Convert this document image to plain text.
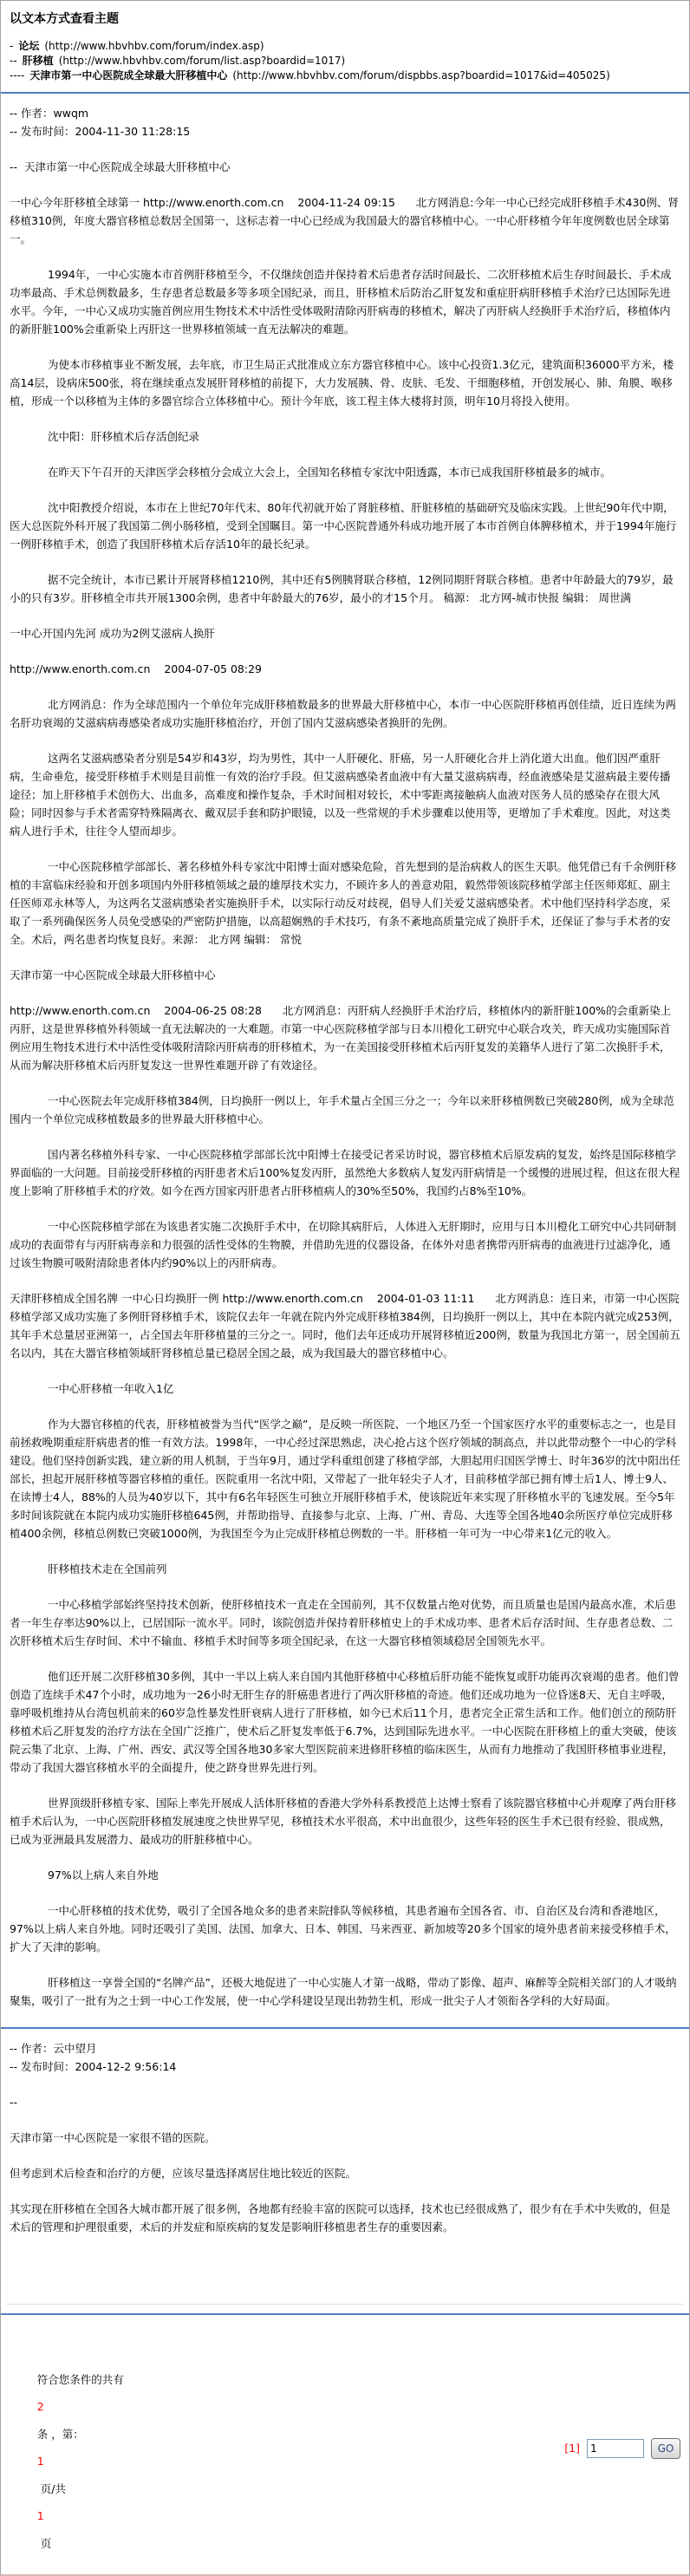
以文本方式查看主题
- 论坛 (http://www.hbvhbv.com/forum/index.asp)
-- 肝移植 (http://www.hbvhbv.com/forum/list.asp?boardid=1017)
---- 天津市第一中心医院成全球最大肝移植中心 (http://www.hbvhbv.com/forum/dispbbs.asp?boardid=1017&id=405025)
-- 作者：wwqm
-- 发布时间：2004-11-30 11:28:15

--  天津市第一中心医院成全球最大肝移植中心

一中心今年肝移植全球第一 http://www.enorth.com.cn    2004-11-24 09:15      北方网消息:今年一中心已经完成肝移植手术430例、肾移植310例，年度大器官移植总数居全国第一，这标志着一中心已经成为我国最大的器官移植中心。一中心肝移植今年年度例数也居全球第一。

1994年，一中心实施本市首例肝移植至今，不仅继续创造并保持着术后患者存活时间最长、二次肝移植术后生存时间最长、手术成功率最高、手术总例数最多，生存患者总数最多等多项全国纪录，而且，肝移植术后防治乙肝复发和重症肝病肝移植手术治疗已达国际先进水平。今年，一中心又成功实施首例应用生物技术术中活性受体吸附清除丙肝病毒的移植术，解决了丙肝病人经换肝手术治疗后，移植体内的新肝脏100%会重新染上丙肝这一世界移植领域一直无法解决的难题。

为使本市移植事业不断发展，去年底，市卫生局正式批准成立东方器官移植中心。该中心投资1.3亿元，建筑面积36000平方米，楼高14层，设病床500张，将在继续重点发展肝肾移植的前提下，大力发展胰、骨、皮肤、毛发、干细胞移植，开创发展心、肺、角膜、喉移植，形成一个以移植为主体的多器官综合立体移植中心。预计今年底，该工程主体大楼将封顶，明年10月将投入使用。

沈中阳：肝移植术后存活创纪录

在昨天下午召开的天津医学会移植分会成立大会上，全国知名移植专家沈中阳透露，本市已成我国肝移植最多的城市。

沈中阳教授介绍说，本市在上世纪70年代末、80年代初就开始了肾脏移植、肝脏移植的基础研究及临床实践。上世纪90年代中期，医大总医院外科开展了我国第二例小肠移植，受到全国瞩目。第一中心医院普通外科成功地开展了本市首例自体脾移植术，并于1994年施行一例肝移植手术，创造了我国肝移植术后存活10年的最长纪录。

据不完全统计，本市已累计开展肾移植1210例，其中还有5例胰肾联合移植，12例同期肝肾联合移植。患者中年龄最大的79岁，最小的只有3岁。肝移植全市共开展1300余例，患者中年龄最大的76岁，最小的才15个月。 稿源： 北方网-城市快报 编辑： 周世满

一中心开国内先河 成功为2例艾滋病人换肝

http://www.enorth.com.cn    2004-07-05 08:29

北方网消息：作为全球范围内一个单位年完成肝移植数最多的世界最大肝移植中心，本市一中心医院肝移植再创佳绩，近日连续为两名肝功衰竭的艾滋病病毒感染者成功实施肝移植治疗，开创了国内艾滋病感染者换肝的先例。

这两名艾滋病感染者分别是54岁和43岁，均为男性，其中一人肝硬化、肝癌，另一人肝硬化合并上消化道大出血。他们因严重肝病，生命垂危，接受肝移植手术则是目前惟一有效的治疗手段。但艾滋病感染者血液中有大量艾滋病病毒，经血液感染是艾滋病最主要传播途径；加上肝移植手术创伤大、出血多，高难度和操作复杂，手术时间相对较长，术中零距离接触病人血液对医务人员的感染存在很大风险；同时因参与手术者需穿特殊隔离衣、戴双层手套和防护眼镜，以及一些常规的手术步骤难以使用等，更增加了手术难度。因此，对这类病人进行手术，往往令人望而却步。

一中心医院移植学部部长、著名移植外科专家沈中阳博士面对感染危险，首先想到的是治病救人的医生天职。他凭借已有千余例肝移植的丰富临床经验和开创多项国内外肝移植领域之最的雄厚技术实力，不顾许多人的善意劝阻，毅然带领该院移植学部主任医师郑虹、副主任医师邓永林等人，为这两名艾滋病感染者实施换肝手术，以实际行动反对歧视，倡导人们关爱艾滋病感染者。术中他们坚持科学态度，采取了一系列确保医务人员免受感染的严密防护措施，以高超娴熟的手术技巧，有条不紊地高质量完成了换肝手术，还保证了参与手术者的安全。术后，两名患者均恢复良好。来源： 北方网 编辑： 常悦

天津市第一中心医院成全球最大肝移植中心

http://www.enorth.com.cn    2004-06-25 08:28      北方网消息：丙肝病人经换肝手术治疗后，移植体内的新肝脏100%的会重新染上丙肝，这是世界移植外科领域一直无法解决的一大难题。市第一中心医院移植学部与日本川橙化工研究中心联合攻关，昨天成功实施国际首例应用生物技术进行术中活性受体吸附清除丙肝病毒的肝移植术，为一在美国接受肝移植术后丙肝复发的美籍华人进行了第二次换肝手术，从而为解决肝移植术后丙肝复发这一世界性难题开辟了有效途径。

一中心医院去年完成肝移植384例，日均换肝一例以上，年手术量占全国三分之一；今年以来肝移植例数已突破280例，成为全球范围内一个单位完成移植数最多的世界最大肝移植中心。

国内著名移植外科专家、一中心医院移植学部部长沈中阳博士在接受记者采访时说，器官移植术后原发病的复发，始终是国际移植学界面临的一大问题。目前接受肝移植的丙肝患者术后100%复发丙肝，虽然绝大多数病人复发丙肝病情是一个缓慢的进展过程，但这在很大程度上影响了肝移植手术的疗效。如今在西方国家丙肝患者占肝移植病人的30%至50%，我国约占8%至10%。

一中心医院移植学部在为该患者实施二次换肝手术中，在切除其病肝后，人体进入无肝期时，应用与日本川橙化工研究中心共同研制成功的表面带有与丙肝病毒亲和力很强的活性受体的生物膜，并借助先进的仪器设备，在体外对患者携带丙肝病毒的血液进行过滤净化，通过该生物膜可吸附清除患者体内约90%以上的丙肝病毒。

天津肝移植成全国名牌 一中心日均换肝一例 http://www.enorth.com.cn    2004-01-03 11:11      北方网消息：连日来，市第一中心医院移植学部又成功实施了多例肝肾移植手术，该院仅去年一年就在院内外完成肝移植384例，日均换肝一例以上，其中在本院内就完成253例，其年手术总量居亚洲第一，占全国去年肝移植量的三分之一。同时，他们去年还成功开展肾移植近200例，数量为我国北方第一，居全国前五名以内，其在大器官移植领域肝肾移植总量已稳居全国之最，成为我国最大的器官移植中心。

一中心肝移植一年收入1亿

作为大器官移植的代表，肝移植被誉为当代“医学之巅”，是反映一所医院、一个地区乃至一个国家医疗水平的重要标志之一，也是目前拯救晚期重症肝病患者的惟一有效方法。1998年，一中心经过深思熟虑，决心抢占这个医疗领域的制高点，并以此带动整个一中心的学科建设。他们坚持创新实践，建立新的用人机制，于当年9月，通过学科重组创建了移植学部，大胆起用归国医学博士、时年36岁的沈中阳出任部长，担起开展肝移植等器官移植的重任。医院重用一名沈中阳，又带起了一批年轻尖子人才，目前移植学部已拥有博士后1人、博士9人、在读博士4人，88%的人员为40岁以下，其中有6名年轻医生可独立开展肝移植手术，使该院近年来实现了肝移植水平的飞速发展。至今5年多时间该院就在本院内成功实施肝移植645例，并帮助指导、直接参与北京、上海、广州、青岛、大连等全国各地40余所医疗单位完成肝移植400余例，移植总例数已突破1000例，为我国至今为止完成肝移植总例数的一半。肝移植一年可为一中心带来1亿元的收入。

肝移植技术走在全国前列

一中心移植学部始终坚持技术创新，使肝移植技术一直走在全国前列，其不仅数量占绝对优势，而且质量也是国内最高水准，术后患者一年生存率达90%以上，已居国际一流水平。同时，该院创造并保持着肝移植史上的手术成功率、患者术后存活时间、生存患者总数、二次肝移植术后生存时间、术中不输血、移植手术时间等多项全国纪录，在这一大器官移植领域稳居全国领先水平。

他们还开展二次肝移植30多例，其中一半以上病人来自国内其他肝移植中心移植后肝功能不能恢复或肝功能再次衰竭的患者。他们曾创造了连续手术47个小时，成功地为一26小时无肝生存的肝癌患者进行了两次肝移植的奇迹。他们还成功地为一位昏迷8天、无自主呼吸，靠呼吸机维持从台湾包机前来的60岁急性暴发性肝衰病人进行了肝移植，如今已术后11个月，患者完全正常生活和工作。他们创立的预防肝移植术后乙肝复发的治疗方法在全国广泛推广，使术后乙肝复发率低于6.7%，达到国际先进水平。一中心医院在肝移植上的重大突破，使该院云集了北京、上海、广州、西安、武汉等全国各地30多家大型医院前来进修肝移植的临床医生，从而有力地推动了我国肝移植事业进程，带动了我国大器官移植水平的全面提升，使之跻身世界先进行列。

世界顶级肝移植专家、国际上率先开展成人活体肝移植的香港大学外科系教授范上达博士察看了该院器官移植中心并观摩了两台肝移植手术后认为，一中心医院肝移植发展速度之快世界罕见，移植技术水平很高，术中出血很少，这些年轻的医生手术已很有经验、很成熟，已成为亚洲最具发展潜力、最成功的肝脏移植中心。

97%以上病人来自外地

一中心肝移植的技术优势，吸引了全国各地众多的患者来院排队等候移植，其患者遍布全国各省、市、自治区及台湾和香港地区，97%以上病人来自外地。同时还吸引了美国、法国、加拿大、日本、韩国、马来西亚、新加坡等20多个国家的境外患者前来接受移植手术，扩大了天津的影响。

肝移植这一享誉全国的“名牌产品”，还极大地促进了一中心实施人才第一战略，带动了影像、超声、麻醉等全院相关部门的人才吸纳聚集，吸引了一批有为之士到一中心工作发展，使一中心学科建设呈现出勃勃生机，形成一批尖子人才领衔各学科的大好局面。

-- 作者：云中望月
-- 发布时间：2004-12-2 9:56:14

--

天津市第一中心医院是一家很不错的医院。

但考虑到术后检查和治疗的方便，应该尽量选择离居住地比较近的医院。

其实现在肝移植在全国各大城市都开展了很多例，各地都有经验丰富的医院可以选择，技术也已经很成熟了，很少有在手术中失败的，但是术后的管理和护理很重要，术后的并发症和原疾病的复发是影响肝移植患者生存的重要因素。

符合您条件的共有

2

条 ，第：

1

页/共

1

页

[1]
1	GO
